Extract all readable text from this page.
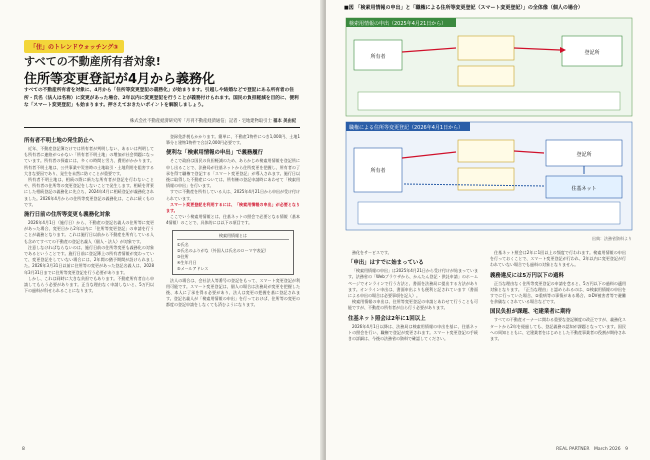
「住」のトレンドウォッチング③
すべての不動産所有者対象!
住所等変更登記が4月から義務化
すべての不動産所有者を対象に、4月から「住所等変更登記の義務化」が始まります。引越しや結婚などで登記にある所有者の住所・氏名（法人は名称）に変更があった場合、2年以内に変更登記を行うことが義務付けられます。国民の負担軽減を目的に、便利な「スマート変更登記」も始まります。押さえておきたいポイントを解説しましょう。
株式会社不動産経済研究所「月刊不動産経済通信」記者・宅地建物取引士 福本 美由紀
所有者不明土地の発生防止へ

近年、不動産登記簿だけでは所有者が判明しない、あるいは判明しても所有者に連絡がつかない「所有者不明土地」の増加が社会問題になっています。所有者の探索には、多くの時間と労力、費用がかかります。所有者不明土地は、公共事業や災害時の土地取引・土地利用を阻害する大きな要因であり、発生を未然に防ぐことが重要です。

所有者不明土地は、相続の際に新たな所有者が登記を行わないことや、所有者の住所等の変更登記をしないことで発生します。相続を背景にした相続登記の義務化に先立ち、2024年4月に相続登記が義務化されました。2026年4月からの住所等変更登記の義務化は、これに続くものです。

施行日前の住所等変更も義務化対象

2026年4月1日（施行日）から、不動産の登記名義人の住所等に変更があった場合、変更日から2年以内に「住所等変更登記」の申請を行うことが義務となります。これは施行日以前から不動産を所有している人も含めてすべての不動産の登記名義人（個人・法人）が対象です。

注意しなければならないのは、施行日前の住所等変更も義務化の対象であるということです。施行日前に登記簿上の所有者情報が変わっていて、変更登記をしていない場合には、2年間の猶予期間が設けられました。2026年3月31日以前に住所等の変更があった登記名義人は、2028年3月31日までに住所等変更登記を行う必要があります。

しかし、これは同時に大きな負担でもあります。不動産所有者自ら申請してもらう必要があります。正当な理由なく申請しないと、5万円以下の過料が科せられることになります。

登録免許税もかかります。簡単に、不動産1物件につき1,000円、土地1筆分と建物1物件で合計2,000円必要です。

便利な「検索用情報の申出」で義務履行

そこで政府は国民の負担軽減のため、あらかじめ検索用情報を登記所に申し出ることで、法務局が住基ネットから住所変更を把握し、所有者の了承を得て職権で登記する「スマート変更登記」が導入されます。施行日以後に取得した不動産については、所有権の登記申請時にあわせて「検索用情報の申出」を行います。

すでに不動産を所有している人は、2025年4月21日から申出が受け付けられています。

スマート変更登記を利用するには、「検索用情報の申出」が必要となります。

ここでいう検索用情報とは、住基ネットの照会で必要となる情報（基本4情報）のことで、具体的には以下の項目です。

検索用情報とは
①氏名
②氏名のふりがな（外国人は氏名のローマ字表記）
③住所
④生年月日
⑤メールアドレス

法人の場合は、会社法人等番号の登記をもって、スマート変更登記が利用可能です。スマート変更登記は、個人の場合は法務局が変更を把握した後、本人に了承を得る必要があり、法人は変更の把握を基に登記されます。登記名義人が「検索用情報の申出」を行っておけば、住所等の変更の都度の登記申請をしなくても済むようになります。

8
■図 「検索用情報の申出」と「職権による住所等変更登記（スマート変更登記）」の全体像（個人の場合）
検索用情報の申出（2025年4月21日から）
所有者
登記所
職権による住所等変更登記（2026年4月1日から）
所有者
登記所
住基ネット
出典：法務省資料より

務化をサービスです。

「申出」はすでに始まっている

「検索用情報の申出」は2025年4月21日から受け付けが始まっています。法務省の「Webブラウザから、かんたん登記・供託申請」のホームページでオンラインで行う方法と、書面を法務局に提出する方法があります。オンライン申出は、書面申出よりも便利と記されています（書面による申出の場合は必要事項を記入）。

検索用情報の申出は、住所等変更登記の申請とあわせて行うことも可能ですが、不動産の所有者が自ら行う必要があります。

住基ネット照会は2年に1回以上

2026年4月1日以降は、法務局は検索用情報の申出を基に、住基ネットの照会を行い、職権で登記が変更されます。スマート変更登記の手続きの詳細は、今後の法務省の資料で確認してください。

住基ネット照会は2年に1回以上の頻度で行われます。検索用情報の申出を行っておくことで、スマート変更登記が行われ、2年以内に変更登記が行われていない場合でも過料の対象となりません。

義務違反には5万円以下の過料

正当な理由なく住所等変更登記の申請を怠ると、5万円以下の過料の適用対象となります。「正当な理由」と認められるのは、①検索用情報の申出をすでに行っていた場合、②重病等の事情がある場合、③DV被害者等で避難を余儀なくされている場合などです。

国民负担が課題、宅建業者に期待

すべての不動産オーナーに関わる重要な登記制度の改正ですが、義務化スタートから2年を経過しても、登記義務の認知が課題となっています。国民への周知とともに、宅建業者をはじめとした不動産事業者の役割が期待されます。

REAL PARTNER　March 2026　9
